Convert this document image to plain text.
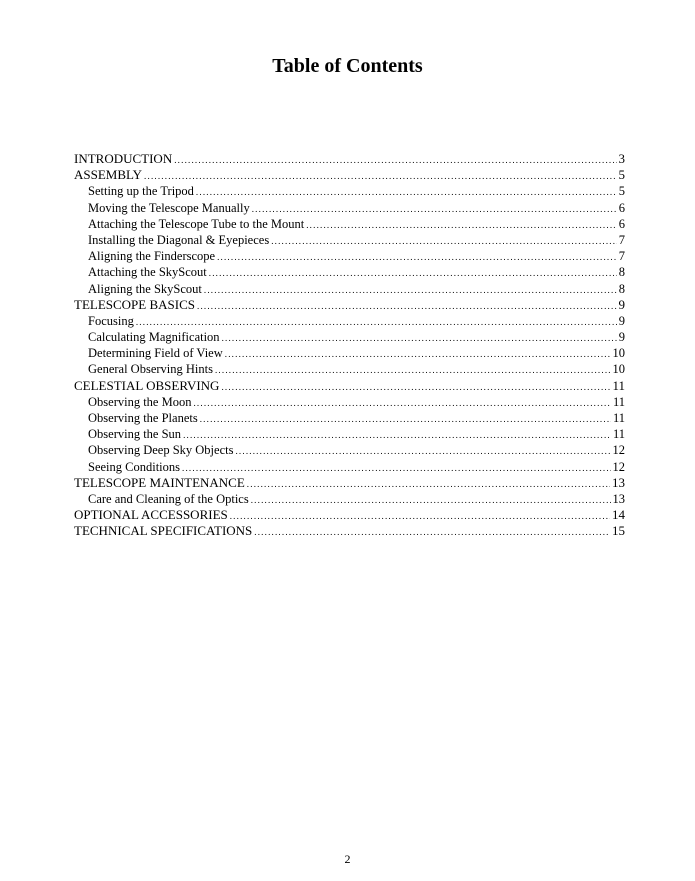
Table of Contents
INTRODUCTION .....	3
ASSEMBLY .....	5
Setting up the Tripod .....	5
Moving the Telescope Manually .....	6
Attaching the Telescope Tube to the Mount .....	6
Installing the Diagonal & Eyepieces .....	7
Aligning the Finderscope .....	7
Attaching the SkyScout .....	8
Aligning the SkyScout .....	8
TELESCOPE BASICS .....	9
Focusing .....	9
Calculating Magnification .....	9
Determining Field of View .....	10
General Observing Hints .....	10
CELESTIAL OBSERVING .....	11
Observing the Moon .....	11
Observing the Planets .....	11
Observing the Sun .....	11
Observing Deep Sky Objects .....	12
Seeing Conditions .....	12
TELESCOPE MAINTENANCE .....	13
Care and Cleaning of the Optics .....	13
OPTIONAL ACCESSORIES .....	14
TECHNICAL SPECIFICATIONS .....	15
2
